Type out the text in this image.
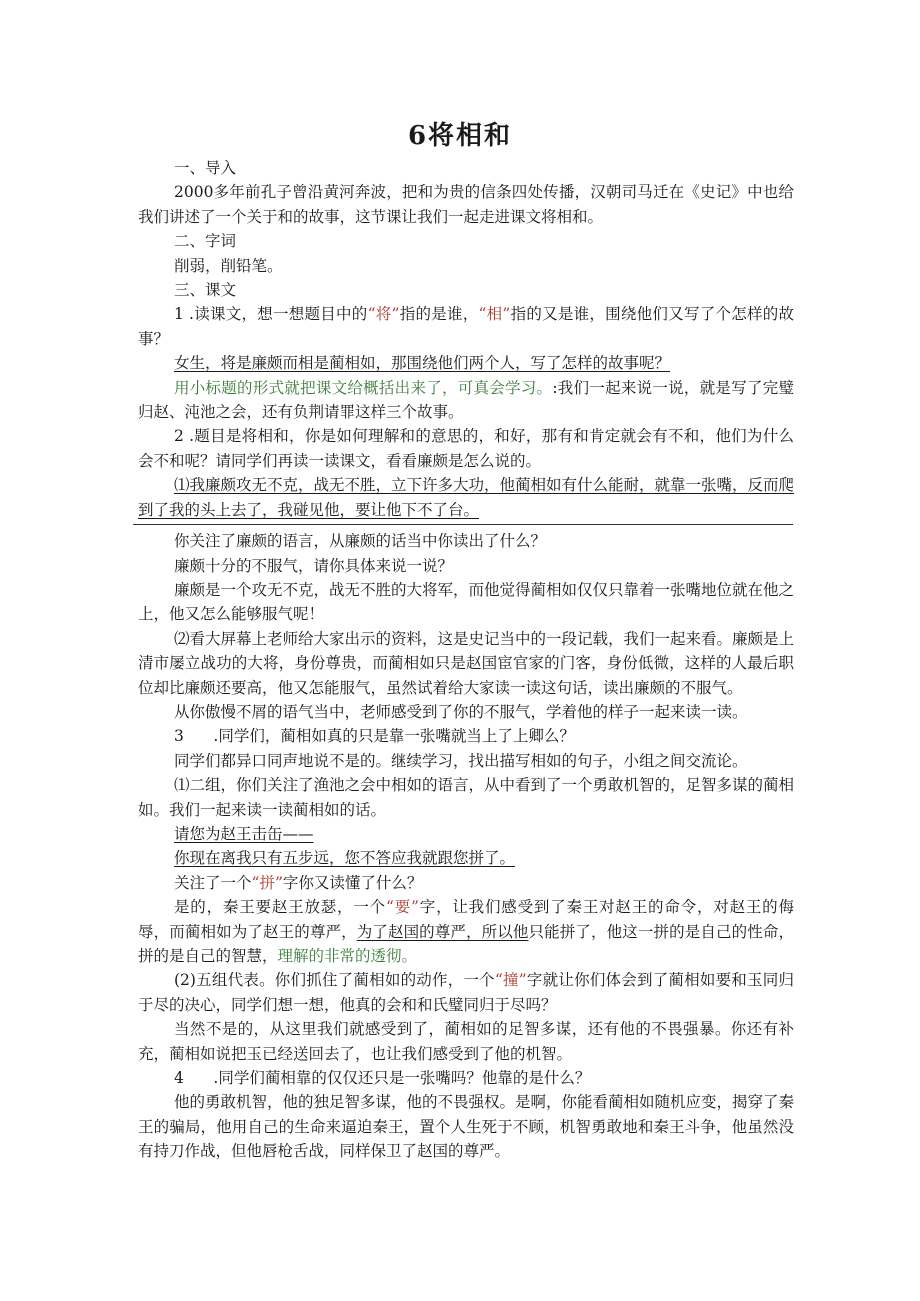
6将相和

一、导入

2000多年前孔子曾沿黄河奔波，把和为贵的信条四处传播，汉朝司马迁在《史记》中也给我们讲述了一个关于和的故事，这节课让我们一起走进课文将相和。

二、字词

削弱，削铅笔。

三、课文

1 .读课文，想一想题目中的“将”指的是谁，“相”指的又是谁，围绕他们又写了个怎样的故事？

女生，将是廉颇而相是蔺相如，那围绕他们两个人，写了怎样的故事呢？

用小标题的形式就把课文给概括出来了，可真会学习。:我们一起来说一说，就是写了完璧归赵、沌池之会，还有负荆请罪这样三个故事。

2 .题目是将相和，你是如何理解和的意思的，和好，那有和肯定就会有不和，他们为什么会不和呢？请同学们再读一读课文，看看廉颇是怎么说的。

⑴我廉颇攻无不克，战无不胜，立下许多大功，他蔺相如有什么能耐，就靠一张嘴，反而爬到了我的头上去了，我碰见他，要让他下不了台。

你关注了廉颇的语言，从廉颇的话当中你读出了什么？

廉颇十分的不服气，请你具体来说一说？

廉颇是一个攻无不克，战无不胜的大将军，而他觉得蔺相如仅仅只靠着一张嘴地位就在他之上，他又怎么能够服气呢！

⑵看大屏幕上老师给大家出示的资料，这是史记当中的一段记载，我们一起来看。廉颇是上清市屡立战功的大将，身份尊贵，而蔺相如只是赵国宦官家的门客，身份低微，这样的人最后职位却比廉颇还要高，他又怎能服气，虽然试着给大家读一读这句话，读出廉颇的不服气。

从你傲慢不屑的语气当中，老师感受到了你的不服气，学着他的样子一起来读一读。

3      .同学们，蔺相如真的只是靠一张嘴就当上了上卿么？

同学们都异口同声地说不是的。继续学习，找出描写相如的句子，小组之间交流论。

⑴二组，你们关注了渔池之会中相如的语言，从中看到了一个勇敢机智的，足智多谋的蔺相如。我们一起来读一读蔺相如的话。

请您为赵王击缶——

你现在离我只有五步远，您不答应我就跟您拼了。

关注了一个“拼”字你又读懂了什么？

是的，秦王要赵王放瑟，一个“要”字，让我们感受到了秦王对赵王的命令，对赵王的侮辱，而蔺相如为了赵王的尊严，为了赵国的尊严，所以他只能拼了，他这一拼的是自己的性命，拼的是自己的智慧，理解的非常的透彻。

(2)五组代表。你们抓住了蔺相如的动作，一个“撞”字就让你们体会到了蔺相如要和玉同归于尽的决心，同学们想一想，他真的会和和氏璧同归于尽吗？

当然不是的，从这里我们就感受到了，蔺相如的足智多谋，还有他的不畏强暴。你还有补充，蔺相如说把玉已经送回去了，也让我们感受到了他的机智。

4      .同学们蔺相靠的仅仅还只是一张嘴吗？他靠的是什么？

他的勇敢机智，他的独足智多谋，他的不畏强权。是啊，你能看蔺相如随机应变，揭穿了秦王的骗局，他用自己的生命来逼迫秦王，置个人生死于不顾，机智勇敢地和秦王斗争，他虽然没有持刀作战，但他唇枪舌战，同样保卫了赵国的尊严。
